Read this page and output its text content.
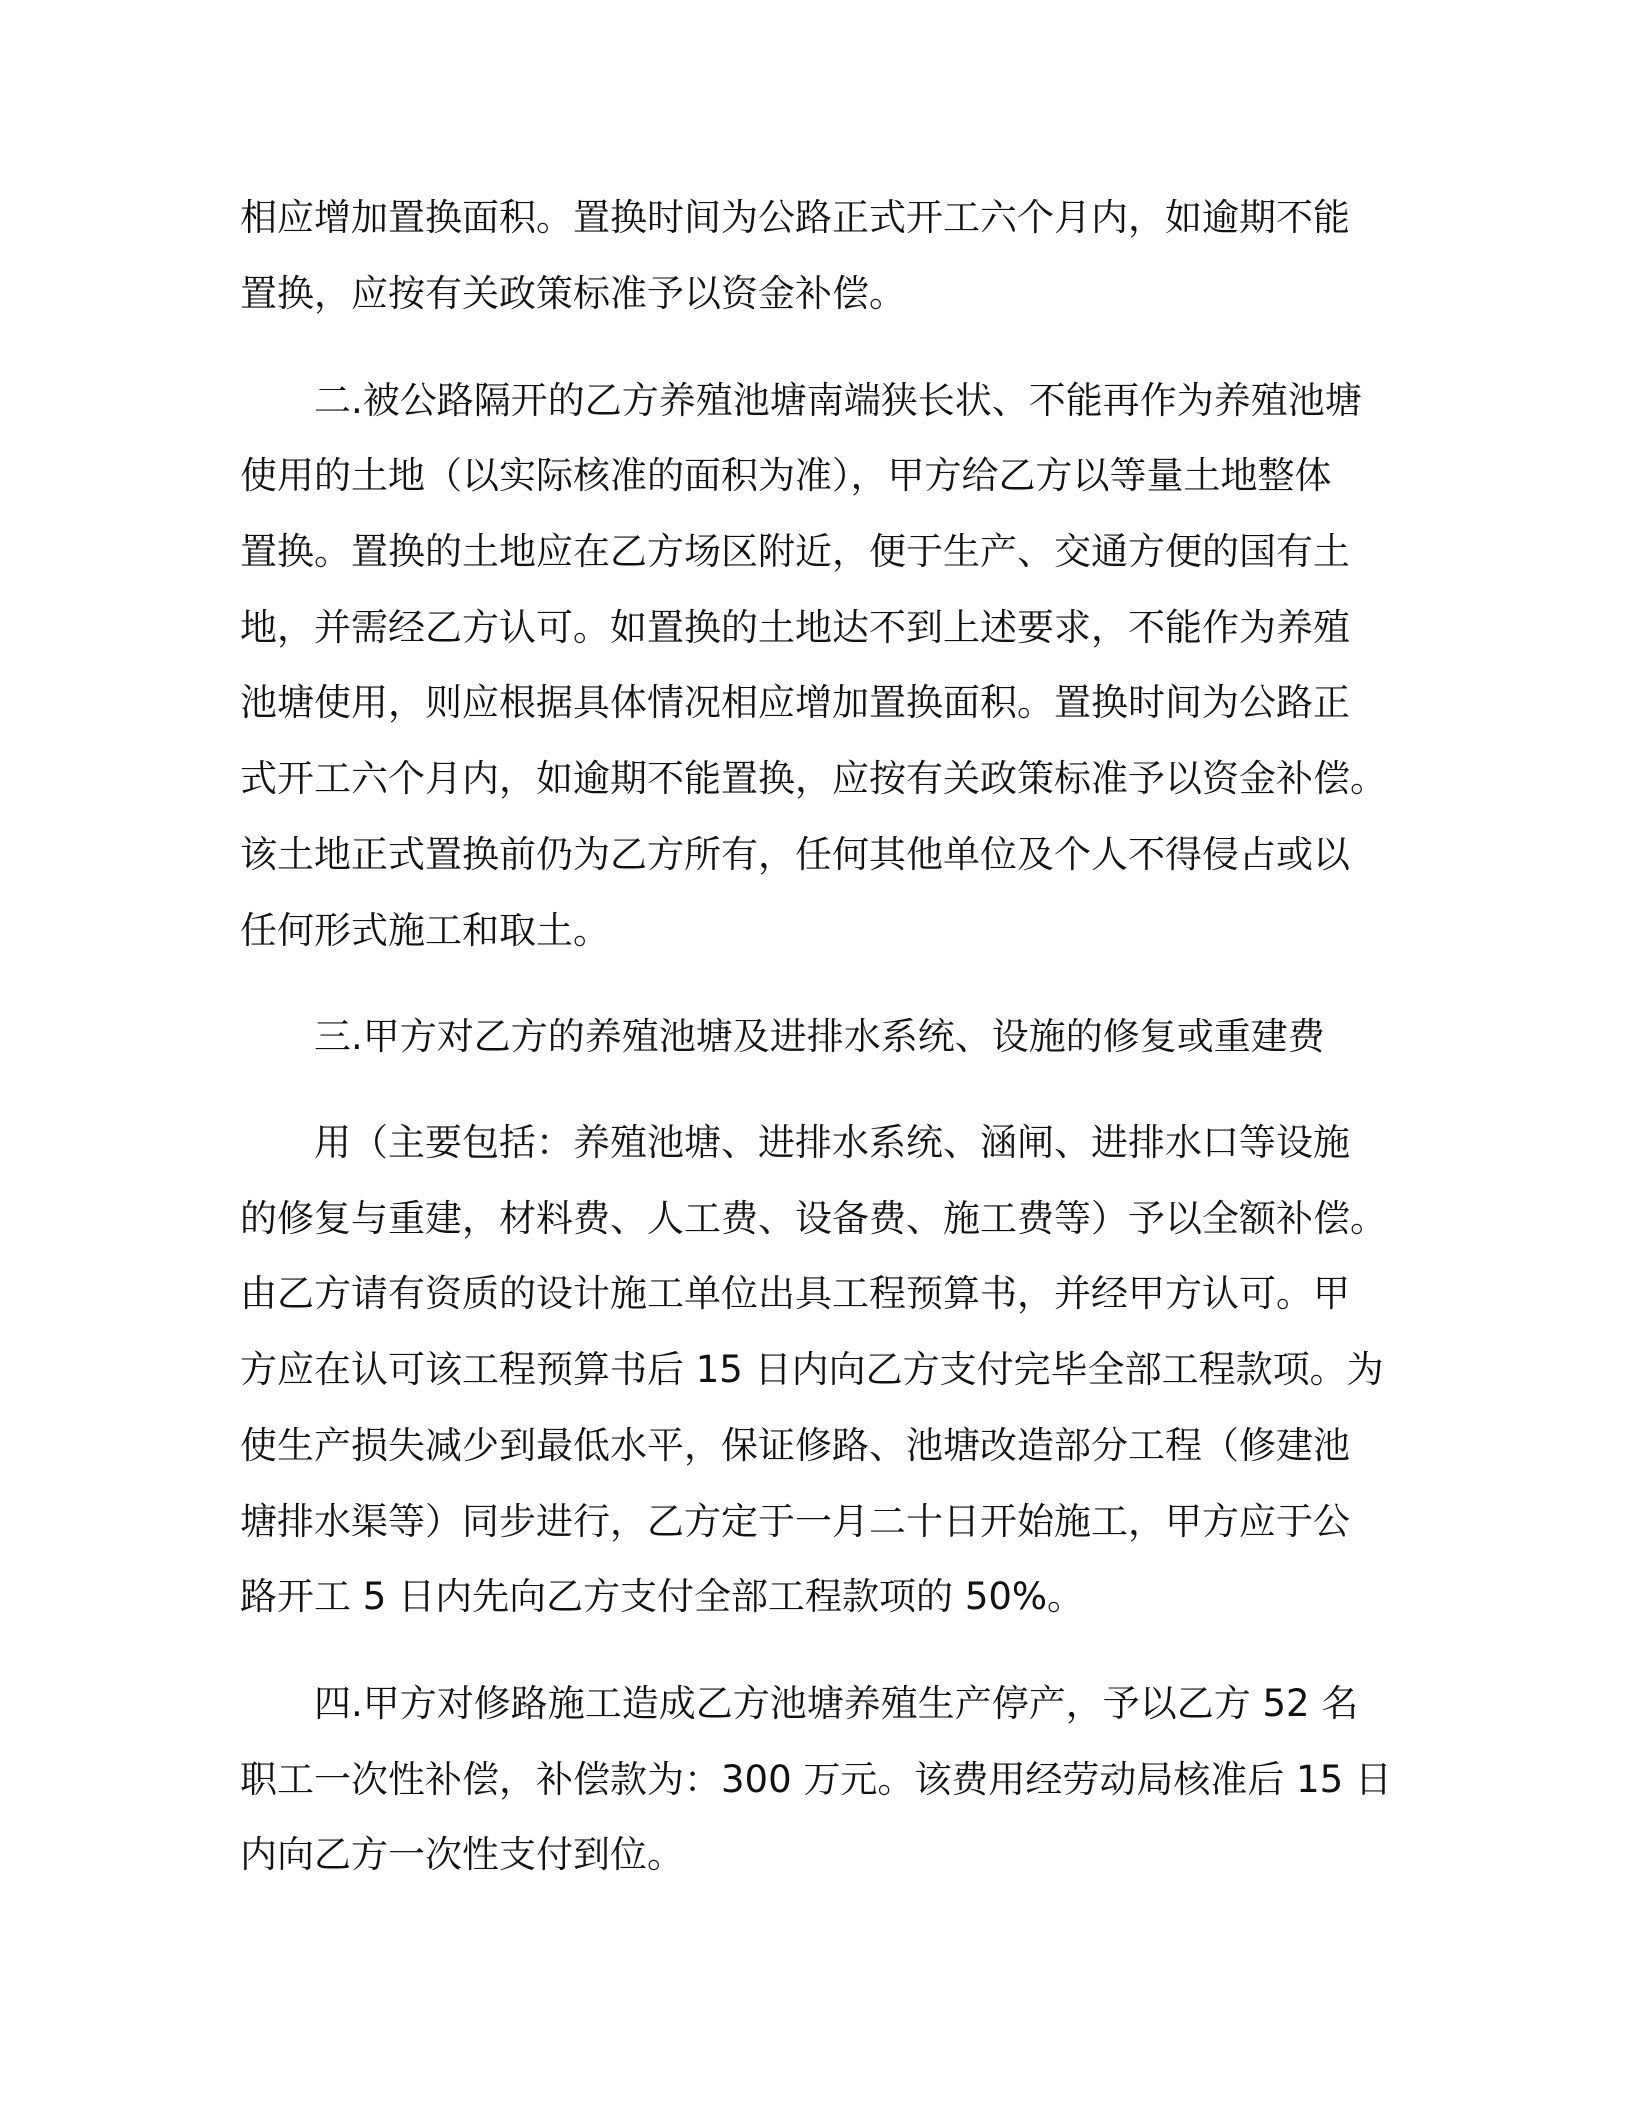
相应增加置换面积。置换时间为公路正式开工六个月内，如逾期不能
置换，应按有关政策标准予以资金补偿。
二.被公路隔开的乙方养殖池塘南端狭长状、不能再作为养殖池塘
使用的土地（以实际核准的面积为准），甲方给乙方以等量土地整体
置换。置换的土地应在乙方场区附近，便于生产、交通方便的国有土
地，并需经乙方认可。如置换的土地达不到上述要求，不能作为养殖
池塘使用，则应根据具体情况相应增加置换面积。置换时间为公路正
式开工六个月内，如逾期不能置换，应按有关政策标准予以资金补偿。
该土地正式置换前仍为乙方所有，任何其他单位及个人不得侵占或以
任何形式施工和取土。
三.甲方对乙方的养殖池塘及进排水系统、设施的修复或重建费
用（主要包括：养殖池塘、进排水系统、涵闸、进排水口等设施
的修复与重建，材料费、人工费、设备费、施工费等）予以全额补偿。
由乙方请有资质的设计施工单位出具工程预算书，并经甲方认可。甲
方应在认可该工程预算书后 15 日内向乙方支付完毕全部工程款项。为
使生产损失减少到最低水平，保证修路、池塘改造部分工程（修建池
塘排水渠等）同步进行，乙方定于一月二十日开始施工，甲方应于公
路开工 5 日内先向乙方支付全部工程款项的 50%。
四.甲方对修路施工造成乙方池塘养殖生产停产，予以乙方 52 名
职工一次性补偿，补偿款为：300 万元。该费用经劳动局核准后 15 日
内向乙方一次性支付到位。
